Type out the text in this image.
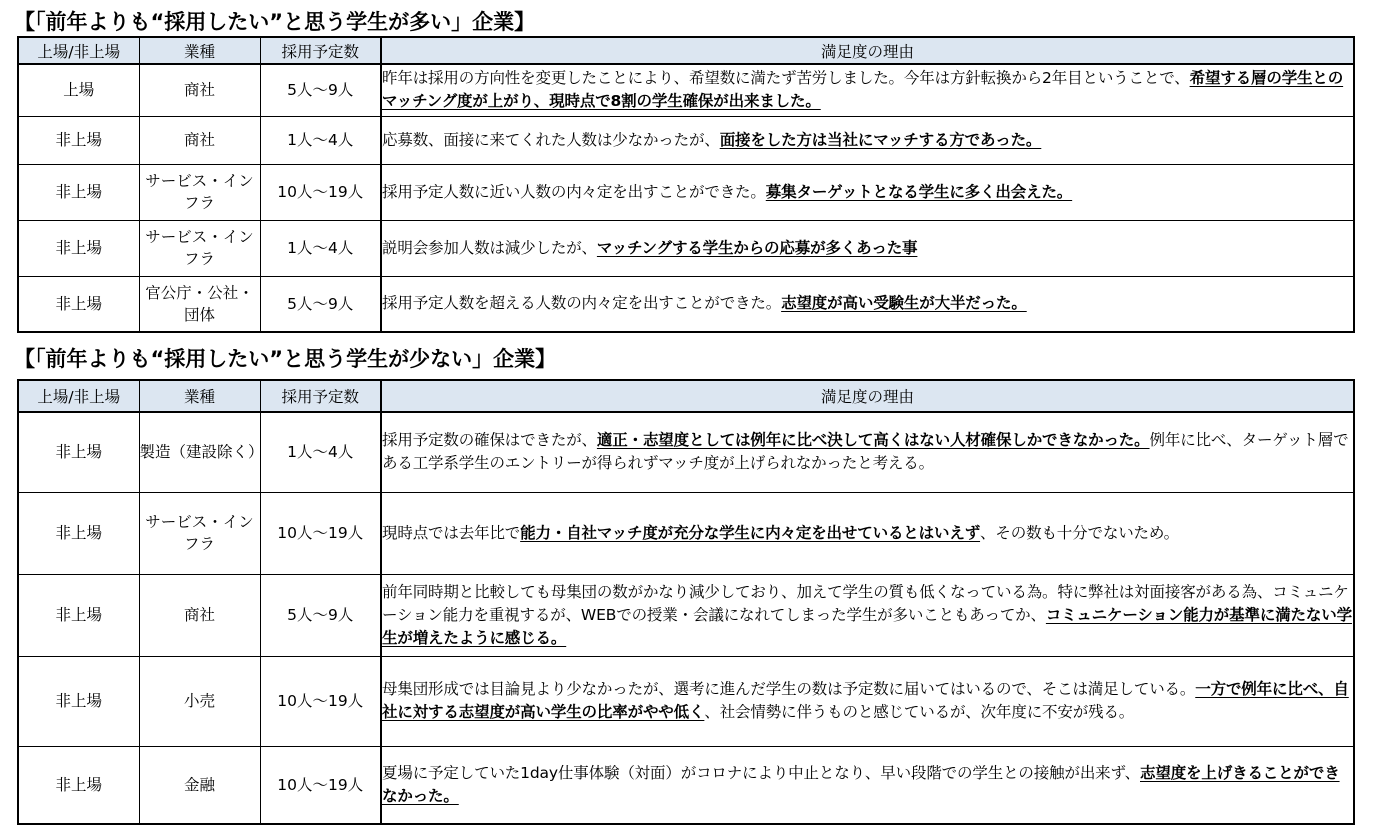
【「前年よりも“採用したい”と思う学生が多い」企業】
上場/非上場	業種	採用予定数	満足度の理由
上場	商社	5人～9人	昨年は採用の方向性を変更したことにより、希望数に満たず苦労しました。今年は方針転換から2年目ということで、希望する層の学生とのマッチング度が上がり、現時点で8割の学生確保が出来ました。
非上場	商社	1人～4人	応募数、面接に来てくれた人数は少なかったが、面接をした方は当社にマッチする方であった。
非上場	サービス・インフラ	10人～19人	採用予定人数に近い人数の内々定を出すことができた。募集ターゲットとなる学生に多く出会えた。
非上場	サービス・インフラ	1人～4人	説明会参加人数は減少したが、マッチングする学生からの応募が多くあった事
非上場	官公庁・公社・団体	5人～9人	採用予定人数を超える人数の内々定を出すことができた。志望度が高い受験生が大半だった。
【「前年よりも“採用したい”と思う学生が少ない」企業】
上場/非上場	業種	採用予定数	満足度の理由
非上場	製造（建設除く）	1人～4人	採用予定数の確保はできたが、適正・志望度としては例年に比べ決して高くはない人材確保しかできなかった。例年に比べ、ターゲット層である工学系学生のエントリーが得られずマッチ度が上げられなかったと考える。
非上場	サービス・インフラ	10人～19人	現時点では去年比で能力・自社マッチ度が充分な学生に内々定を出せているとはいえず、その数も十分でないため。
非上場	商社	5人～9人	前年同時期と比較しても母集団の数がかなり減少しており、加えて学生の質も低くなっている為。特に弊社は対面接客がある為、コミュニケーション能力を重視するが、WEBでの授業・会議になれてしまった学生が多いこともあってか、コミュニケーション能力が基準に満たない学生が増えたように感じる。
非上場	小売	10人～19人	母集団形成では目論見より少なかったが、選考に進んだ学生の数は予定数に届いてはいるので、そこは満足している。一方で例年に比べ、自社に対する志望度が高い学生の比率がやや低く、社会情勢に伴うものと感じているが、次年度に不安が残る。
非上場	金融	10人～19人	夏場に予定していた1day仕事体験（対面）がコロナにより中止となり、早い段階での学生との接触が出来ず、志望度を上げきることができなかった。
